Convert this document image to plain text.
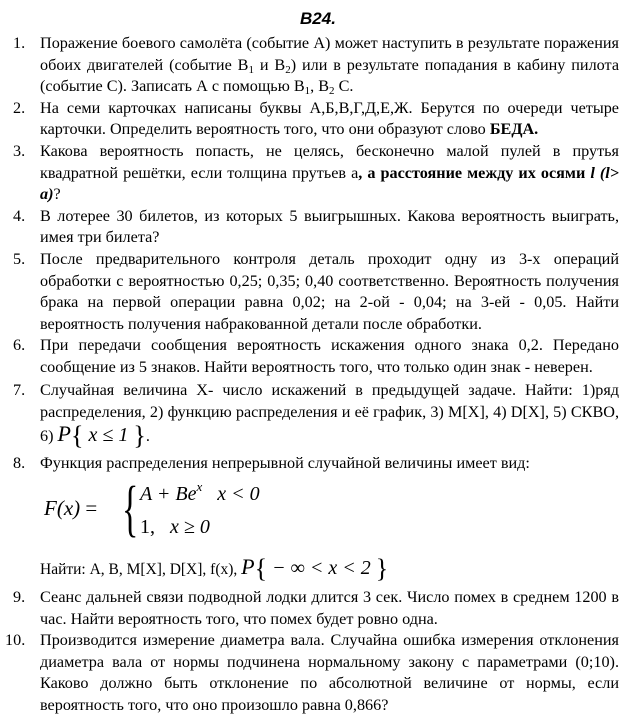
B24.
1. Поражение боевого самолёта (событие А) может наступить в результате поражения обоих двигателей (событие $В_1$ и $В_2$) или в результате попадания в кабину пилота (событие С). Записать А с помощью $В_1$, $В_2$ С.
2. На семи карточках написаны буквы А,Б,В,Г,Д,Е,Ж. Берутся по очереди четыре карточки. Определить вероятность того, что они образуют слово БЕДА.
3. Какова вероятность попасть, не целясь, бесконечно малой пулей в прутья квадратной решётки, если толщина прутьев а, а расстояние между их осями l (l> a)?
4. В лотерее 30 билетов, из которых 5 выигрышных. Какова вероятность выиграть, имея три билета?
5. После предварительного контроля деталь проходит одну из 3-х операций обработки с вероятностью 0,25; 0,35; 0,40 соответственно. Вероятность получения брака на первой операции равна 0,02; на 2-ой - 0,04; на 3-ей - 0,05. Найти вероятность получения набракованной детали после обработки.
6. При передачи сообщения вероятность искажения одного знака 0,2. Передано сообщение из 5 знаков. Найти вероятность того, что только один знак - неверен.
7. Случайная величина Х- число искажений в предыдущей задаче. Найти: 1)ряд распределения, 2) функцию распределения и её график, 3) М[Х], 4) D[X], 5) СКВО, 6) P{ x ≤ 1 }.
8. Функция распределения непрерывной случайной величины имеет вид:
F(x) = { $A + Be^x$ x < 0
1, x ≥ 0
Найти: А, В, М[Х], D[X], f(x), P{ − ∞ < x < 2 }
9. Сеанс дальней связи подводной лодки длится 3 сек. Число помех в среднем 1200 в час. Найти вероятность того, что помех будет ровно одна.
10. Производится измерение диаметра вала. Случайна ошибка измерения отклонения диаметра вала от нормы подчинена нормальному закону с параметрами (0;10). Каково должно быть отклонение по абсолютной величине от нормы, если вероятность того, что оно произошло равна 0,866?
